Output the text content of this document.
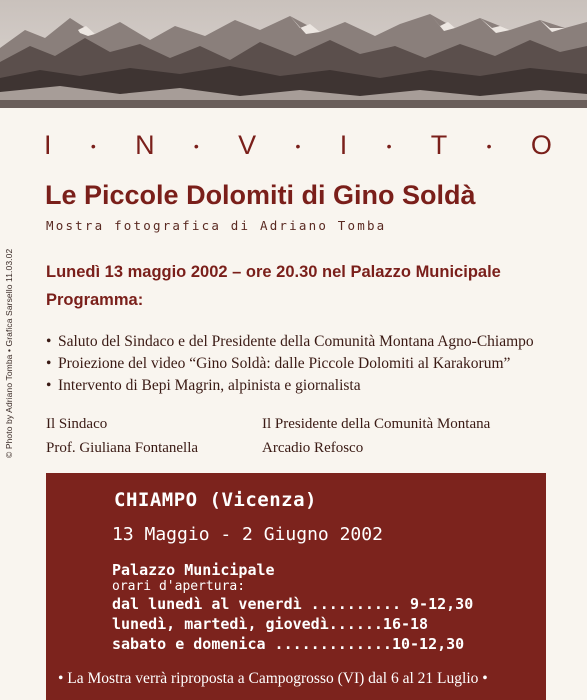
© Photo by Adriano Tomba • Grafica Sarsello 11.03.02
I	• N	• V	• I	• T	• O
Le Piccole Dolomiti di Gino Soldà
Mostra fotografica di Adriano Tomba
Lunedì 13 maggio 2002 – ore 20.30 nel Palazzo Municipale
Programma:
• Saluto del Sindaco e del Presidente della Comunità Montana Agno-Chiampo
• Proiezione del video “Gino Soldà: dalle Piccole Dolomiti al Karakorum”
• Intervento di Bepi Magrin, alpinista e giornalista
Il Sindaco
Prof. Giuliana Fontanella
Il Presidente della Comunità Montana
Arcadio Refosco
CHIAMPO (Vicenza)
13 Maggio - 2 Giugno 2002
Palazzo Municipale
orari d'apertura:
dal lunedì al venerdì .......... 9-12,30
lunedì, martedì, giovedì......16-18
sabato e domenica .............10-12,30
• La Mostra verrà riproposta a Campogrosso (VI) dal 6 al 21 Luglio •
